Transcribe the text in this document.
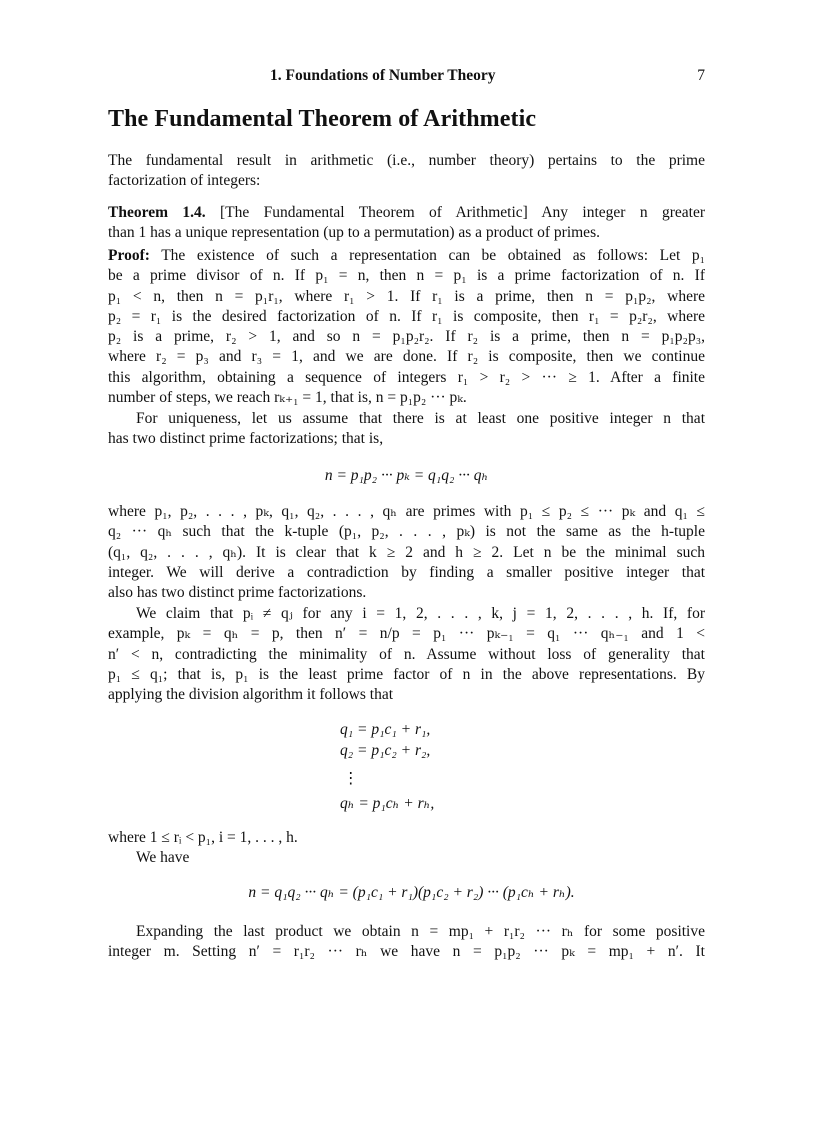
1. Foundations of Number Theory	7
The Fundamental Theorem of Arithmetic

The fundamental result in arithmetic (i.e., number theory) pertains to the prime
factorization of integers:

Theorem 1.4. [The Fundamental Theorem of Arithmetic] Any integer n greater
than 1 has a unique representation (up to a permutation) as a product of primes.

Proof: The existence of such a representation can be obtained as follows: Let p₁
be a prime divisor of n. If p₁ = n, then n = p₁ is a prime factorization of n. If
p₁ < n, then n = p₁r₁, where r₁ > 1. If r₁ is a prime, then n = p₁p₂, where
p₂ = r₁ is the desired factorization of n. If r₁ is composite, then r₁ = p₂r₂, where
p₂ is a prime, r₂ > 1, and so n = p₁p₂r₂. If r₂ is a prime, then n = p₁p₂p₃,
where r₂ = p₃ and r₃ = 1, and we are done. If r₂ is composite, then we continue
this algorithm, obtaining a sequence of integers r₁ > r₂ > ··· ≥ 1. After a finite
number of steps, we reach rₖ₊₁ = 1, that is, n = p₁p₂ ··· pₖ.

For uniqueness, let us assume that there is at least one positive integer n that
has two distinct prime factorizations; that is,

n = p₁p₂ ··· pₖ = q₁q₂ ··· qₕ

where p₁, p₂, . . . , pₖ, q₁, q₂, . . . , qₕ are primes with p₁ ≤ p₂ ≤ ··· pₖ and q₁ ≤
q₂ ··· qₕ such that the k-tuple (p₁, p₂, . . . , pₖ) is not the same as the h-tuple
(q₁, q₂, . . . , qₕ). It is clear that k ≥ 2 and h ≥ 2. Let n be the minimal such
integer. We will derive a contradiction by finding a smaller positive integer that
also has two distinct prime factorizations.

We claim that pᵢ ≠ qⱼ for any i = 1, 2, . . . , k, j = 1, 2, . . . , h. If, for
example, pₖ = qₕ = p, then n′ = n/p = p₁ ··· pₖ₋₁ = q₁ ··· qₕ₋₁ and 1 <
n′ < n, contradicting the minimality of n. Assume without loss of generality that
p₁ ≤ q₁; that is, p₁ is the least prime factor of n in the above representations. By
applying the division algorithm it follows that

q₁ = p₁c₁ + r₁,
q₂ = p₁c₂ + r₂,
⋮
qₕ = p₁cₕ + rₕ,

where 1 ≤ rᵢ < p₁, i = 1, . . . , h.
We have

n = q₁q₂ ··· qₕ = (p₁c₁ + r₁)(p₁c₂ + r₂) ··· (p₁cₕ + rₕ).

Expanding the last product we obtain n = mp₁ + r₁r₂ ··· rₕ for some positive
integer m. Setting n′ = r₁r₂ ··· rₕ we have n = p₁p₂ ··· pₖ = mp₁ + n′. It
